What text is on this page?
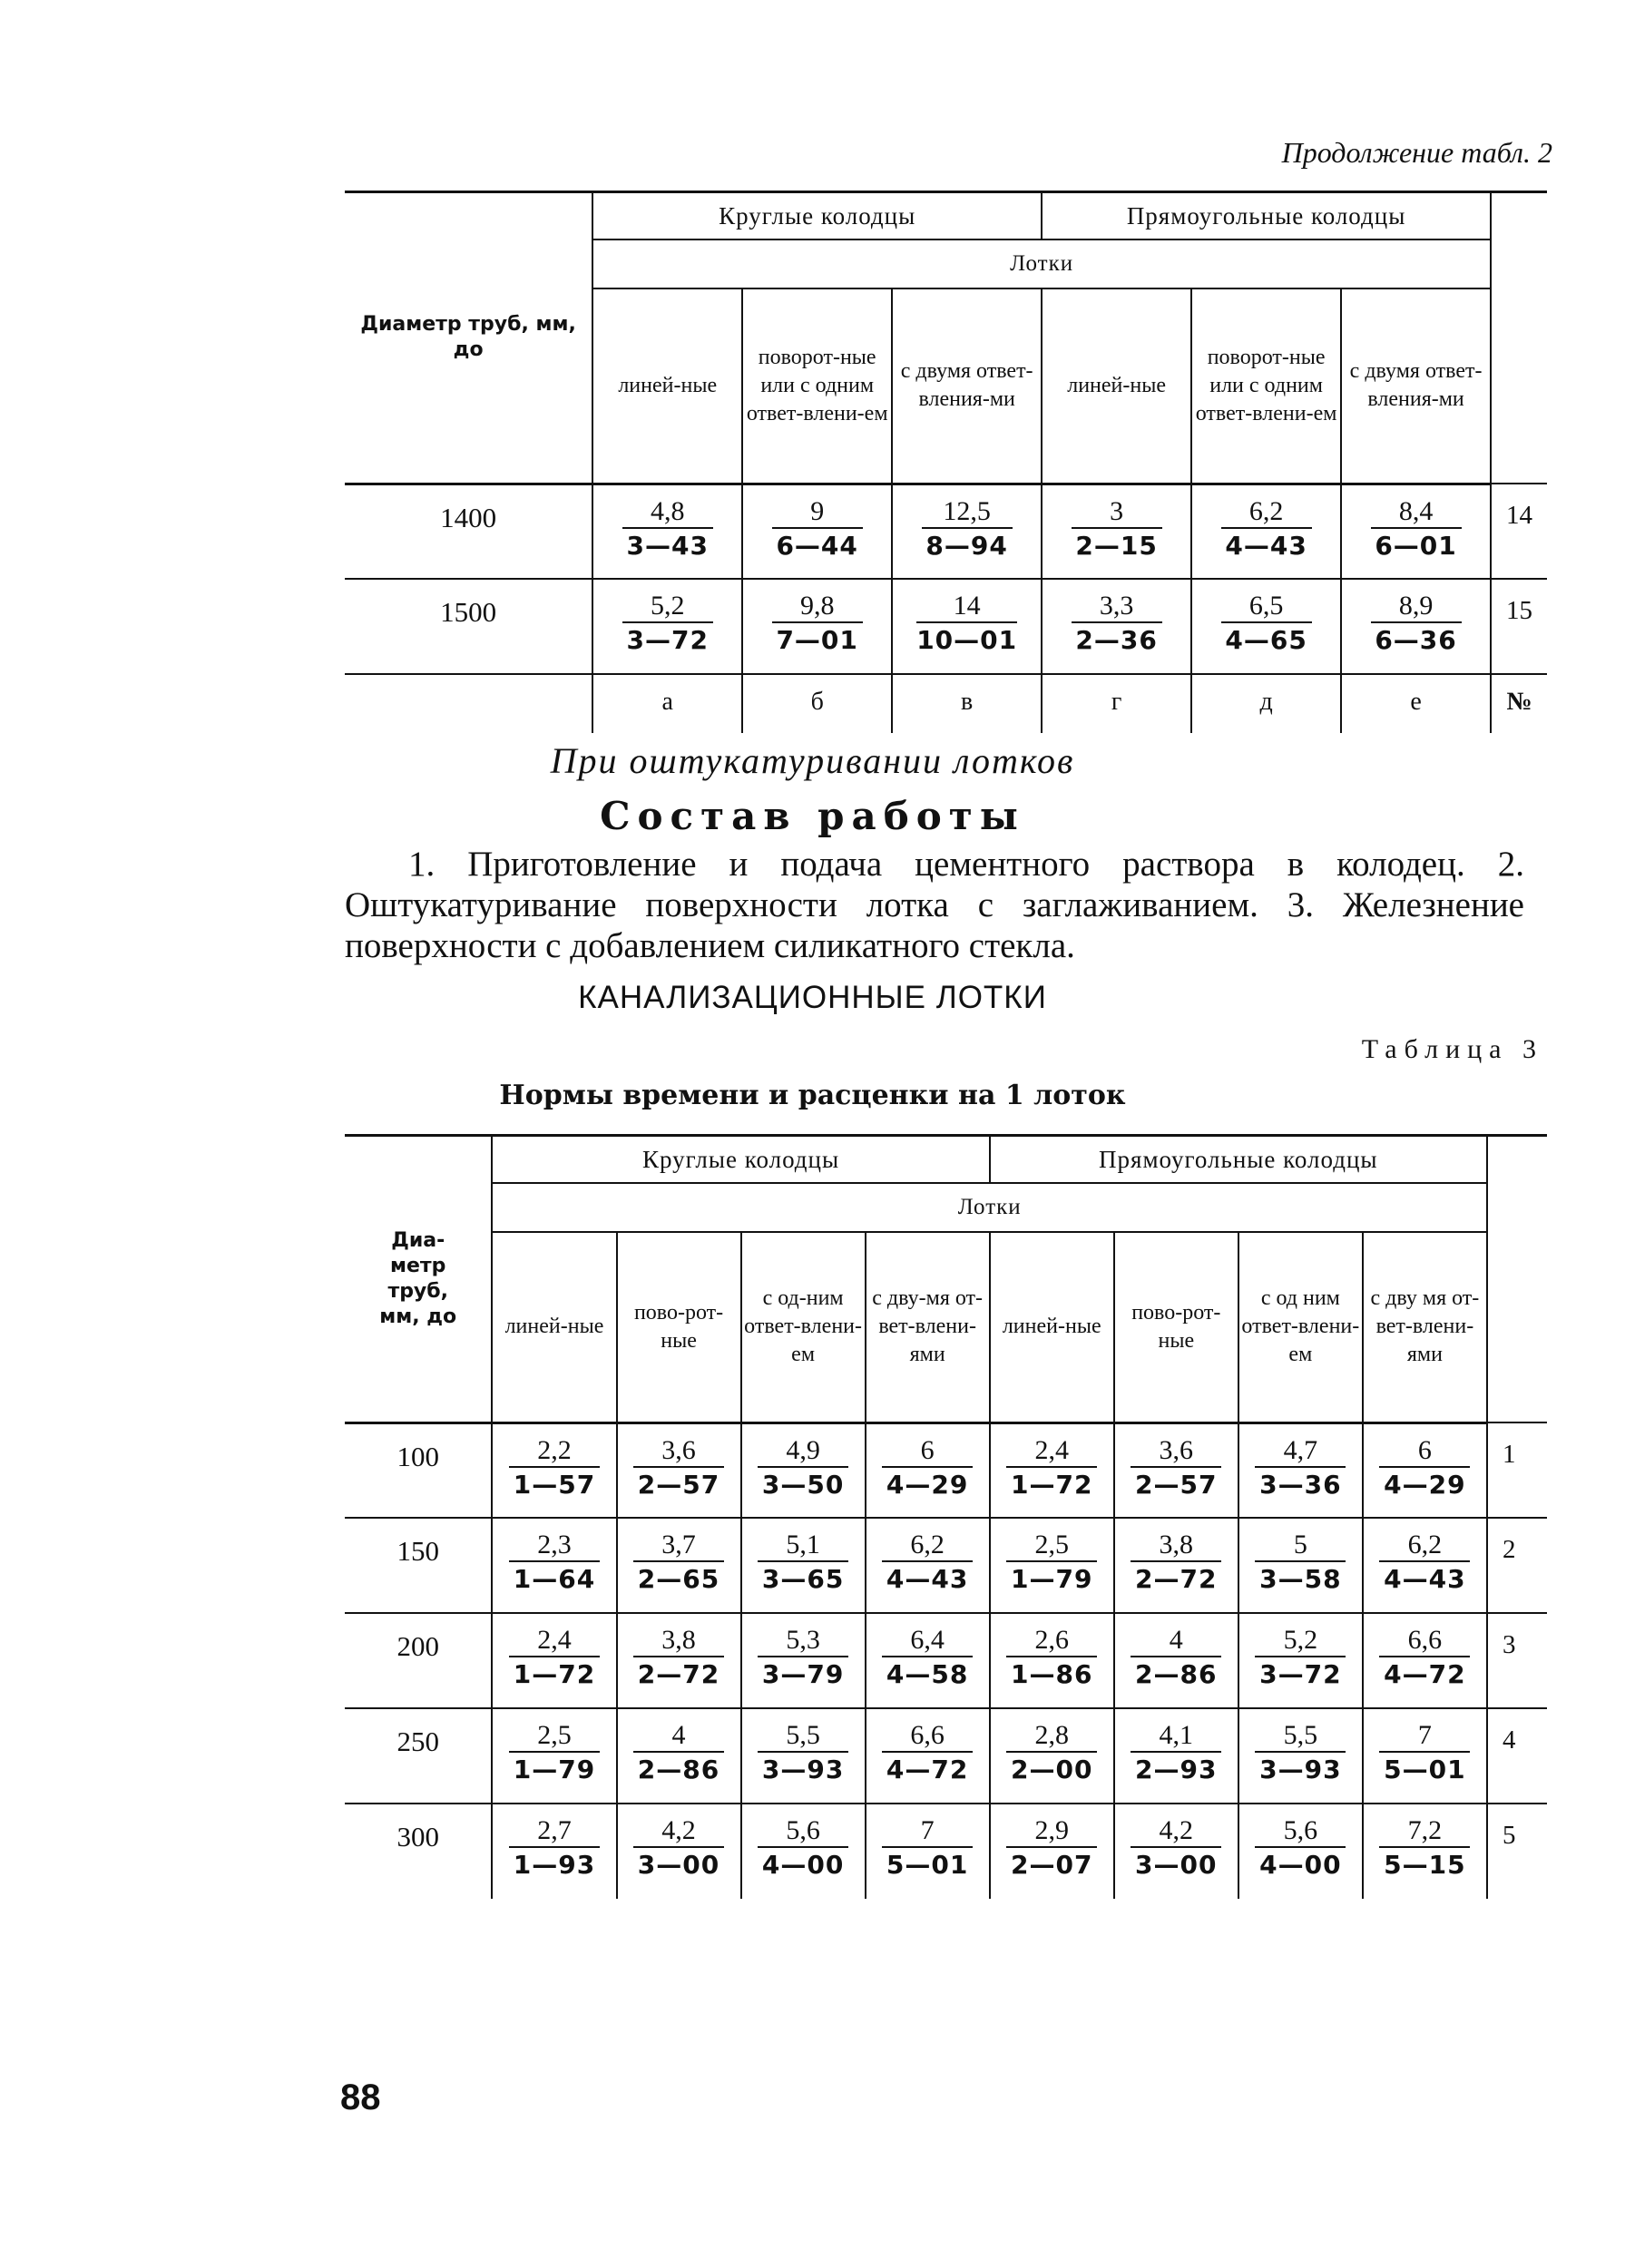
Продолжение табл. 2
Диаметр труб, мм, до	Круглые колодцы			Прямоугольные колодцы			
	Лотки						
	линей-ные	поворот-ные или с одним ответ-влени-ем	с двумя ответ-вления-ми	линей-ные	поворот-ные или с одним ответ-влени-ем	с двумя ответ-вления-ми	
1400	$\frac{4,8}{3—43}$	$\frac{9}{6—44}$	$\frac{12,5}{8—94}$	$\frac{3}{2—15}$	$\frac{6,2}{4—43}$	$\frac{8,4}{6—01}$	14
1500	$\frac{5,2}{3—72}$	$\frac{9,8}{7—01}$	$\frac{14}{10—01}$	$\frac{3,3}{2—36}$	$\frac{6,5}{4—65}$	$\frac{8,9}{6—36}$	15
	а	б	в	г	д	е	№
При оштукатуривании лотков
Состав работы

1. Приготовление и подача цементного раствора в колодец. 2. Оштукатуривание поверхности лотка с заглаживанием. 3. Железнение поверхности с добавлением силикатного стекла.

КАНАЛИЗАЦИОННЫЕ ЛОТКИ
Таблица 3
Нормы времени и расценки на 1 лоток
Диа-метр труб, мм, до	Круглые колодцы				Прямоугольные колодцы				
	Лотки								
	линей-ные	пово-рот-ные	с од-ним ответ-влени-ем	с дву-мя от-вет-влени-ями	линей-ные	пово-рот-ные	с од ним ответ-влени-ем	с дву мя от-вет-влени-ями	
100	$\frac{2,2}{1—57}$	$\frac{3,6}{2—57}$	$\frac{4,9}{3—50}$	$\frac{6}{4—29}$	$\frac{2,4}{1—72}$	$\frac{3,6}{2—57}$	$\frac{4,7}{3—36}$	$\frac{6}{4—29}$	1
150	$\frac{2,3}{1—64}$	$\frac{3,7}{2—65}$	$\frac{5,1}{3—65}$	$\frac{6,2}{4—43}$	$\frac{2,5}{1—79}$	$\frac{3,8}{2—72}$	$\frac{5}{3—58}$	$\frac{6,2}{4—43}$	2
200	$\frac{2,4}{1—72}$	$\frac{3,8}{2—72}$	$\frac{5,3}{3—79}$	$\frac{6,4}{4—58}$	$\frac{2,6}{1—86}$	$\frac{4}{2—86}$	$\frac{5,2}{3—72}$	$\frac{6,6}{4—72}$	3
250	$\frac{2,5}{1—79}$	$\frac{4}{2—86}$	$\frac{5,5}{3—93}$	$\frac{6,6}{4—72}$	$\frac{2,8}{2—00}$	$\frac{4,1}{2—93}$	$\frac{5,5}{3—93}$	$\frac{7}{5—01}$	4
300	$\frac{2,7}{1—93}$	$\frac{4,2}{3—00}$	$\frac{5,6}{4—00}$	$\frac{7}{5—01}$	$\frac{2,9}{2—07}$	$\frac{4,2}{3—00}$	$\frac{5,6}{4—00}$	$\frac{7,2}{5—15}$	5
88
